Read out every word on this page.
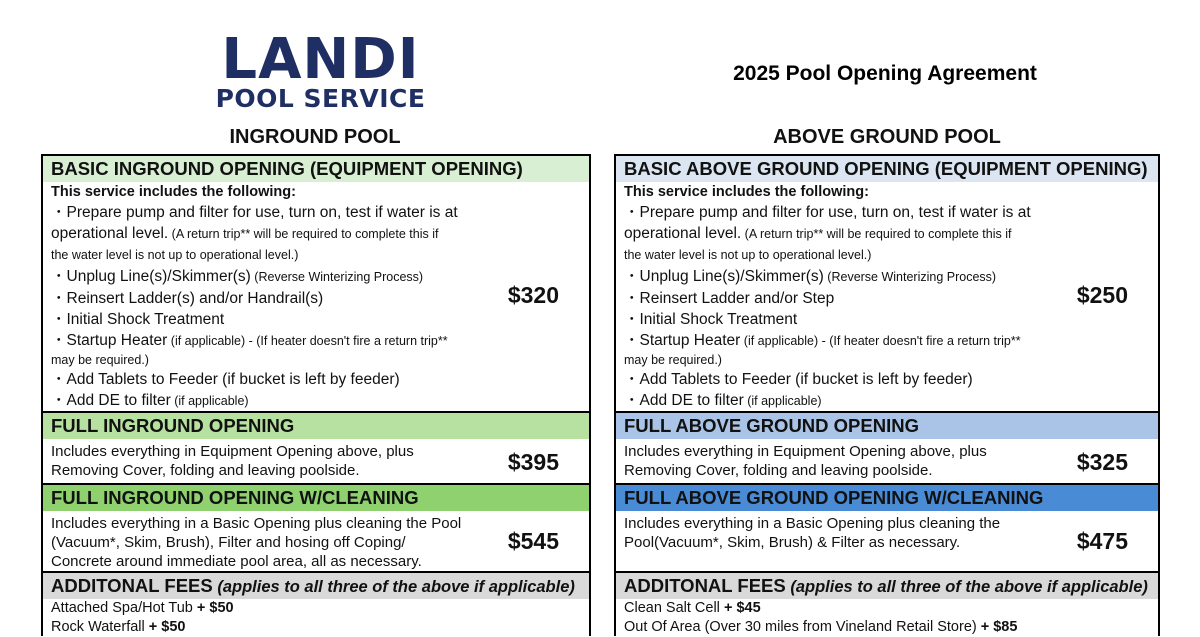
LANDI
POOL SERVICE
2025 Pool Opening Agreement
INGROUND POOL	ABOVE GROUND POOL
BASIC INGROUND OPENING (EQUIPMENT OPENING)
This service includes the following:
・Prepare pump and filter for use, turn on, test if water is at
operational level. (A return trip** will be required to complete this if
the water level is not up to operational level.)
・Unplug Line(s)/Skimmer(s) (Reverse Winterizing Process)
・Reinsert Ladder(s) and/or Handrail(s)
・Initial Shock Treatment
・Startup Heater (if applicable) - (If heater doesn't fire a return trip**
may be required.)
・Add Tablets to Feeder (if bucket is left by feeder)
・Add DE to filter (if applicable)
$320
FULL INGROUND OPENING
Includes everything in Equipment Opening above, plus
Removing Cover, folding and leaving poolside.	$395
FULL INGROUND OPENING W/CLEANING
Includes everything in a Basic Opening plus cleaning the Pool
(Vacuum*, Skim, Brush), Filter and hosing off Coping/
Concrete around immediate pool area, all as necessary.
$545
ADDITONAL FEES (applies to all three of the above if applicable)
Attached Spa/Hot Tub + $50
Rock Waterfall + $50
BASIC ABOVE GROUND OPENING (EQUIPMENT OPENING)
This service includes the following:
・Prepare pump and filter for use, turn on, test if water is at
operational level. (A return trip** will be required to complete this if
the water level is not up to operational level.)
・Unplug Line(s)/Skimmer(s) (Reverse Winterizing Process)
・Reinsert Ladder and/or Step
・Initial Shock Treatment
・Startup Heater (if applicable) - (If heater doesn't fire a return trip**
may be required.)
・Add Tablets to Feeder (if bucket is left by feeder)
・Add DE to filter (if applicable)
$250
FULL ABOVE GROUND OPENING
Includes everything in Equipment Opening above, plus
Removing Cover, folding and leaving poolside.	$325
FULL ABOVE GROUND OPENING W/CLEANING
Includes everything in a Basic Opening plus cleaning the
Pool(Vacuum*, Skim, Brush) & Filter as necessary.	$475
ADDITONAL FEES (applies to all three of the above if applicable)
Clean Salt Cell + $45
Out Of Area (Over 30 miles from Vineland Retail Store) + $85
